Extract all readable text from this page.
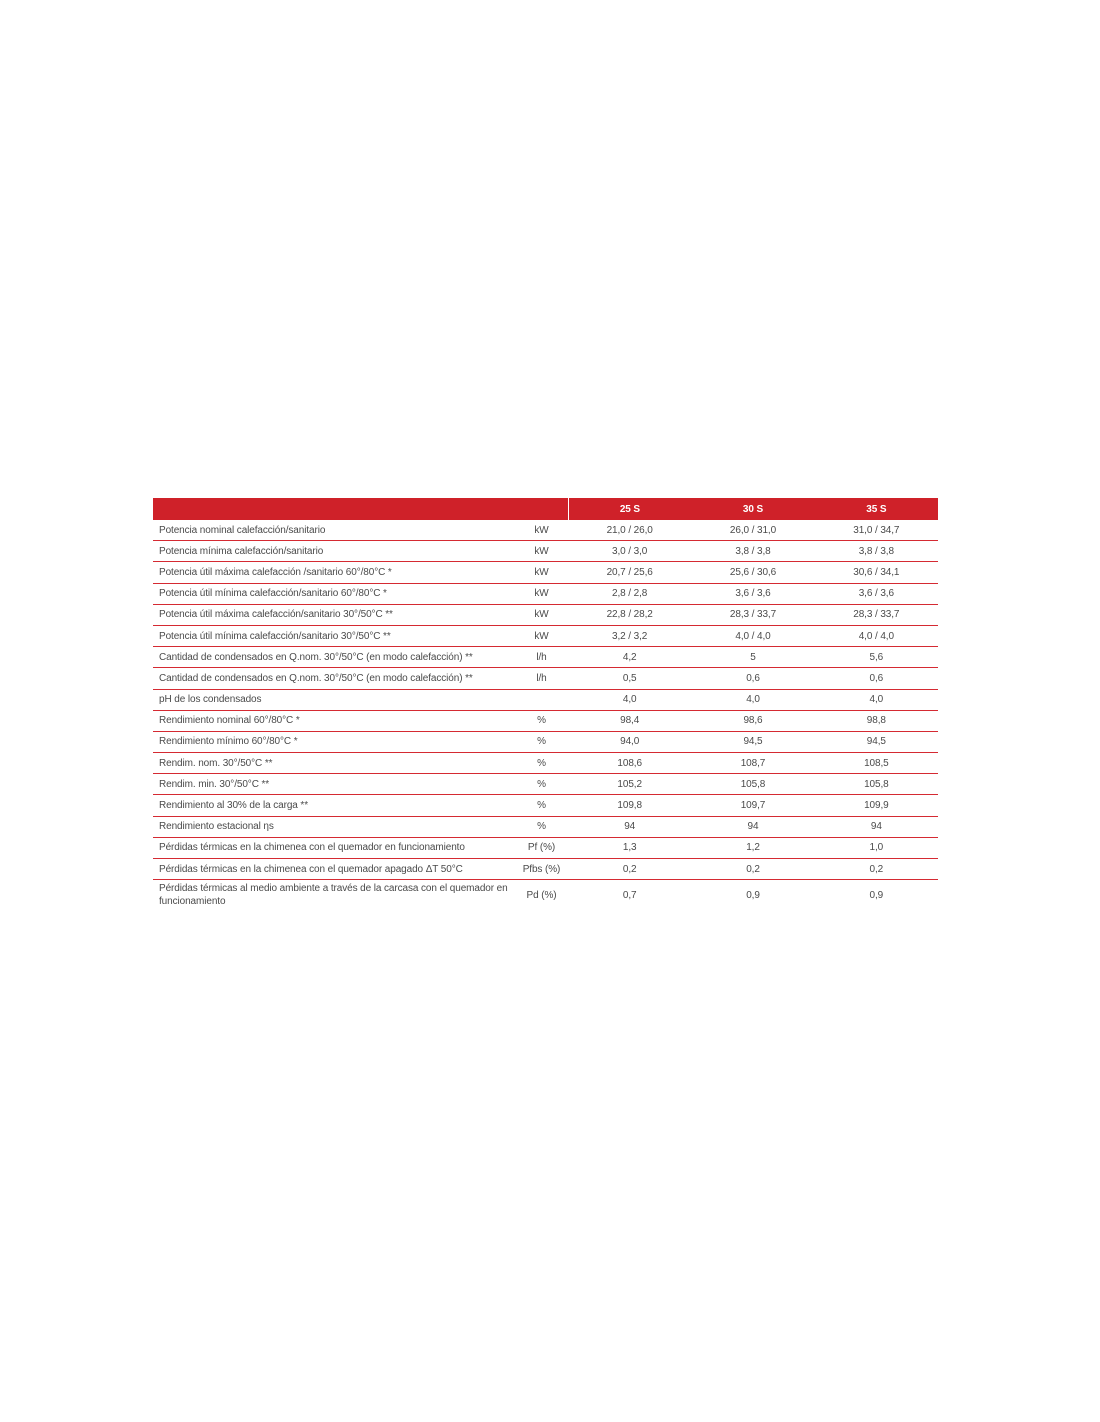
		25 S	30 S	35 S
Potencia nominal calefacción/sanitario	kW	21,0 / 26,0	26,0 / 31,0	31,0 / 34,7
Potencia mínima calefacción/sanitario	kW	3,0 / 3,0	3,8 / 3,8	3,8 / 3,8
Potencia útil máxima calefacción /sanitario 60°/80°C *	kW	20,7 / 25,6	25,6 / 30,6	30,6 / 34,1
Potencia útil mínima calefacción/sanitario 60°/80°C *	kW	2,8 / 2,8	3,6 / 3,6	3,6 / 3,6
Potencia útil máxima calefacción/sanitario 30°/50°C **	kW	22,8 / 28,2	28,3 / 33,7	28,3 / 33,7
Potencia útil mínima calefacción/sanitario 30°/50°C **	kW	3,2 / 3,2	4,0 / 4,0	4,0 / 4,0
Cantidad de condensados en Q.nom. 30°/50°C (en modo calefacción) **	l/h	4,2	5	5,6
Cantidad de condensados en Q.nom. 30°/50°C (en modo calefacción) **	l/h	0,5	0,6	0,6
pH de los condensados		4,0	4,0	4,0
Rendimiento nominal 60°/80°C *	%	98,4	98,6	98,8
Rendimiento mínimo 60°/80°C *	%	94,0	94,5	94,5
Rendim. nom. 30°/50°C **	%	108,6	108,7	108,5
Rendim. min. 30°/50°C **	%	105,2	105,8	105,8
Rendimiento al 30% de la carga **	%	109,8	109,7	109,9
Rendimiento estacional ηs	%	94	94	94
Pérdidas térmicas en la chimenea con el quemador en funcionamiento	Pf (%)	1,3	1,2	1,0
Pérdidas térmicas en la chimenea con el quemador apagado ΔT 50°C	Pfbs (%)	0,2	0,2	0,2
Pérdidas térmicas al medio ambiente a través de la carcasa con el quemador en funcionamiento	Pd (%)	0,7	0,9	0,9
